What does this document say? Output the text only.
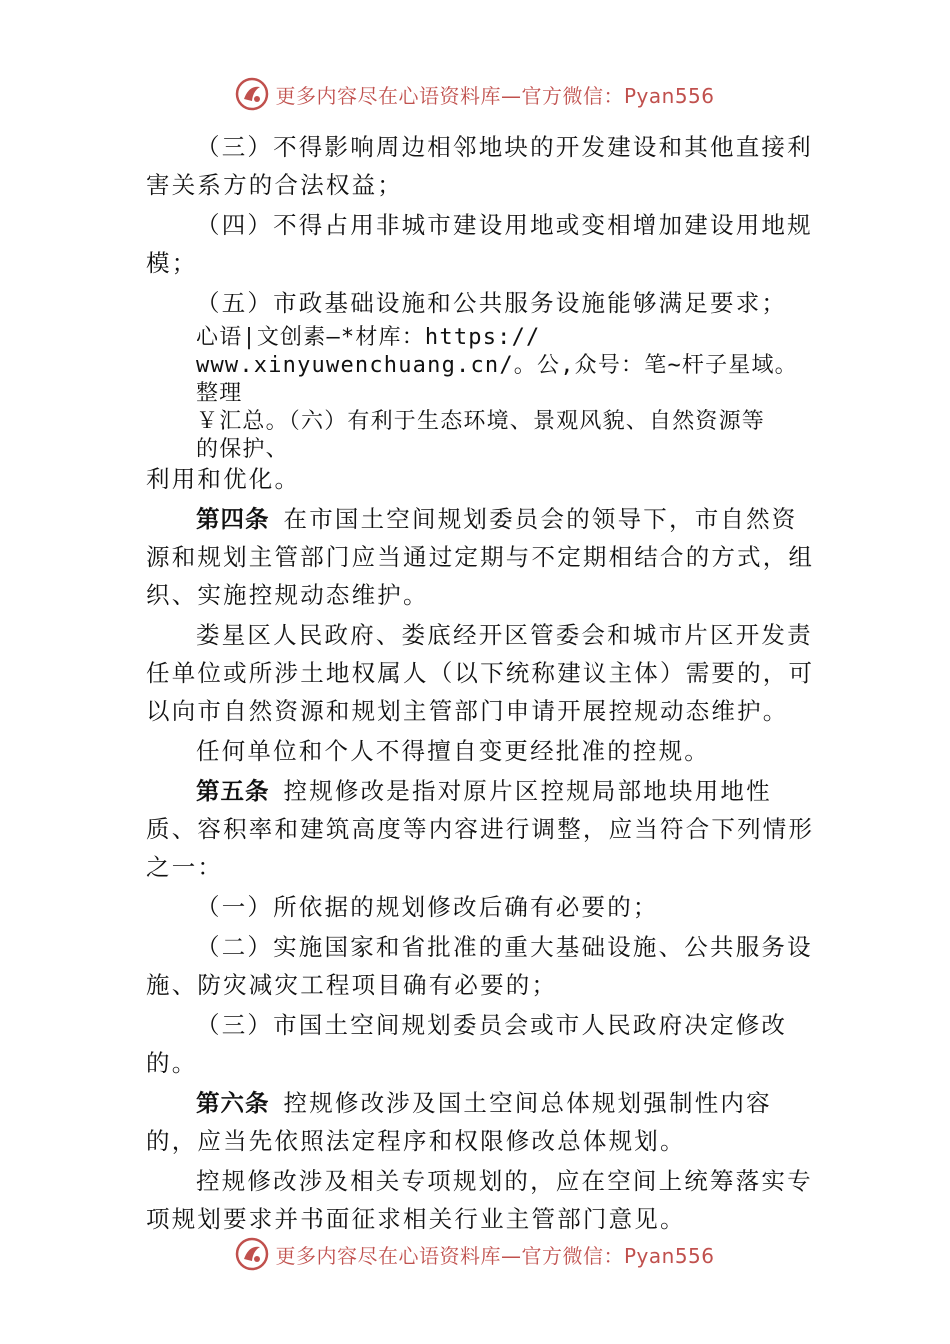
更多内容尽在心语资料库—官方微信：Pyan556

（三）不得影响周边相邻地块的开发建设和其他直接利害关系方的合法权益；

（四）不得占用非城市建设用地或变相增加建设用地规模；

（五）市政基础设施和公共服务设施能够满足要求；

心语|文创素—*材库：https://
www.xinyuwenchuang.cn/。公,众号：笔~杆子星域。整理
￥汇总。（六）有利于生态环境、景观风貌、自然资源等
的保护、

利用和优化。

第四条 在市国土空间规划委员会的领导下，市自然资源和规划主管部门应当通过定期与不定期相结合的方式，组织、实施控规动态维护。

娄星区人民政府、娄底经开区管委会和城市片区开发责任单位或所涉土地权属人（以下统称建议主体）需要的，可以向市自然资源和规划主管部门申请开展控规动态维护。

任何单位和个人不得擅自变更经批准的控规。

第五条 控规修改是指对原片区控规局部地块用地性质、容积率和建筑高度等内容进行调整，应当符合下列情形之一：

（一）所依据的规划修改后确有必要的；

（二）实施国家和省批准的重大基础设施、公共服务设施、防灾减灾工程项目确有必要的；

（三）市国土空间规划委员会或市人民政府决定修改的。

第六条 控规修改涉及国土空间总体规划强制性内容的，应当先依照法定程序和权限修改总体规划。

控规修改涉及相关专项规划的，应在空间上统筹落实专项规划要求并书面征求相关行业主管部门意见。

更多内容尽在心语资料库—官方微信：Pyan556
